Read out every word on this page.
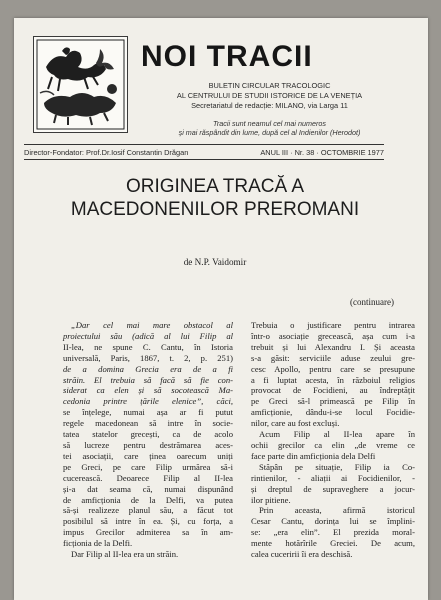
NOI TRACII
BULETIN CIRCULAR TRACOLOGIC
AL CENTRULUI DE STUDII ISTORICE DE LA VENEȚIA
Secretariatul de redacție: MILANO, via Larga 11
Tracii sunt neamul cel mai numeros
și mai răspândit din lume, după cel al Indienilor (Herodot)
Director-Fondator: Prof.Dr.Iosif Constantin Drăgan	ANUL III · Nr. 38 · OCTOMBRIE 1977
ORIGINEA TRACĂ A
MACEDONENILOR PREROMANI
de N.P. Vaidomir
(continuare)
„Dar cel mai mare obstacol al
proiectului său (adică al lui Filip al
II-lea, ne spune C. Cantu, în Istoria
universală, Paris, 1867, t. 2, p. 251)
de a domina Grecia era de a fi
străin. El trebuia să facă să fie con-
siderat ca elen și să socotească Ma-
cedonia printre țările elenice”, căci,
se înțelege, numai așa ar fi putut
regele macedonean să intre în socie-
tatea statelor grecești, ca de acolo
să lucreze pentru destrămarea aces-
tei asociații, care ținea oarecum uniți
pe Greci, pe care Filip urmărea să-i
cucerească. Deoarece Filip al II-lea
și-a dat seama că, numai dispunând
de amficționia de la Delfi, va putea
să-și realizeze planul său, a făcut tot
posibilul să intre în ea. Și, cu forța, a
impus Grecilor admiterea sa în am-
ficționia de la Delfi.
Dar Filip al II-lea era un străin.
Trebuia o justificare pentru intrarea
într-o asociație grecească, așa cum i-a
trebuit și lui Alexandru I. Și aceasta
s-a găsit: serviciile aduse zeului gre-
cesc Apollo, pentru care se presupune
a fi luptat acesta, în războiul religios
provocat de Focidieni, au îndreptățit
pe Greci să-l primească pe Filip în
amficționie, dându-i-se locul Focidie-
nilor, care au fost excluși.
Acum Filip al II-lea apare în
ochii grecilor ca elin „de vreme ce
face parte din amficționia dela Delfi
Stăpân pe situație, Filip ia Co-
rintienilor, - aliații ai Focidienilor, -
și dreptul de supraveghere a jocur-
ilor pitiene.
Prin aceasta, afirmă istoricul
Cesar Cantu, dorința lui se împlini-
se: „era elin”. El prezida moral-
mente hotărîrile Greciei. De acum,
calea cuceririi îi era deschisă.
